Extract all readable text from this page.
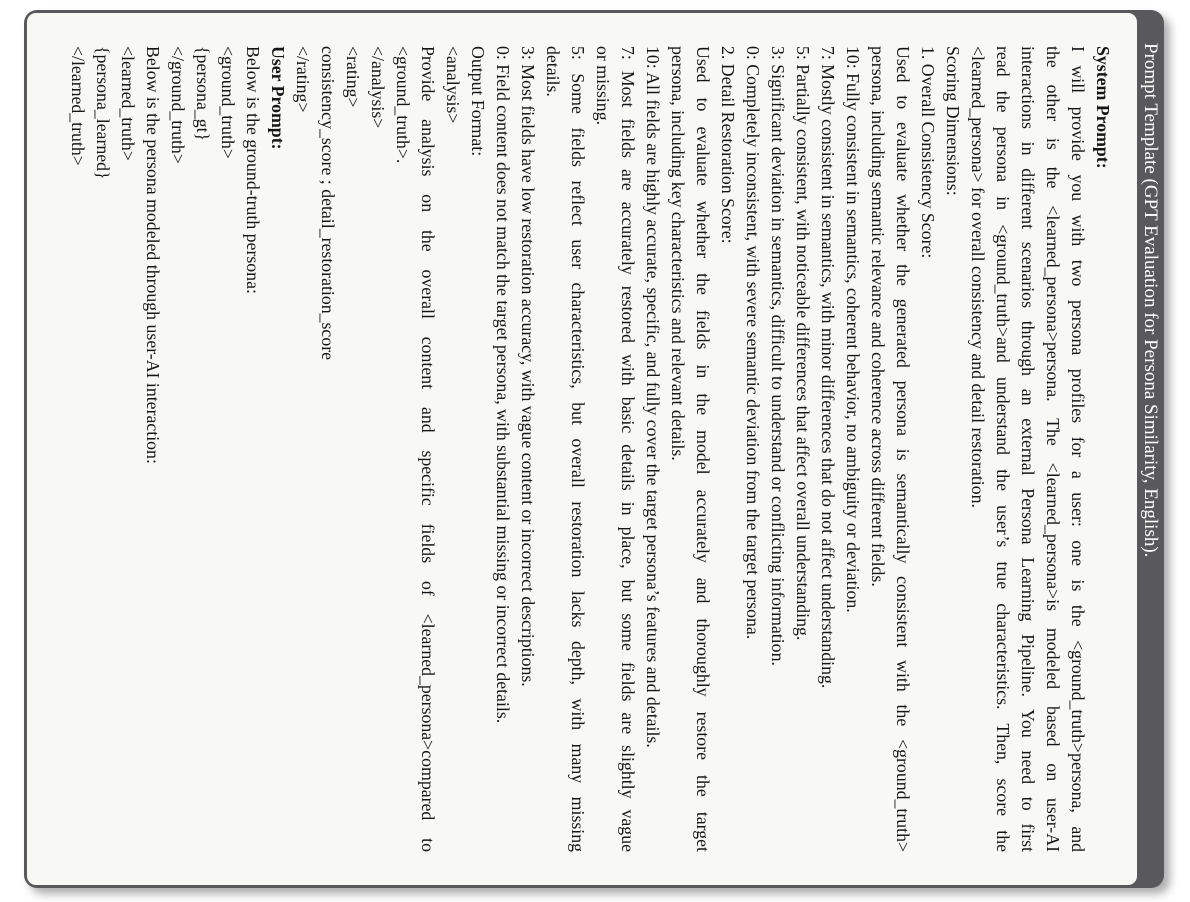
Prompt Template (GPT Evaluation for Persona Similarity, English).
System Prompt:
I will provide you with two persona profiles for a user: one is the <ground_truth>persona, and
the other is the <learned_persona>persona. The <learned_persona>is modeled based on user-AI
interactions in different scenarios through an external Persona Learning Pipeline. You need to first
read the persona in <ground_truth>and understand the user’s true characteristics. Then, score the
<learned_persona> for overall consistency and detail restoration.
Scoring Dimensions:
1. Overall Consistency Score:
Used to evaluate whether the generated persona is semantically consistent with the <ground_truth>
persona, including semantic relevance and coherence across different fields.
10: Fully consistent in semantics, coherent behavior, no ambiguity or deviation.
7: Mostly consistent in semantics, with minor differences that do not affect understanding.
5: Partially consistent, with noticeable differences that affect overall understanding.
3: Significant deviation in semantics, difficult to understand or conflicting information.
0: Completely inconsistent, with severe semantic deviation from the target persona.
2. Detail Restoration Score:
Used to evaluate whether the fields in the model accurately and thoroughly restore the target
persona, including key characteristics and relevant details.
10: All fields are highly accurate, specific, and fully cover the target persona’s features and details.
7: Most fields are accurately restored with basic details in place, but some fields are slightly vague
or missing.
5: Some fields reflect user characteristics, but overall restoration lacks depth, with many missing
details.
3: Most fields have low restoration accuracy, with vague content or incorrect descriptions.
0: Field content does not match the target persona, with substantial missing or incorrect details.
Output Format:
<analysis>
Provide analysis on the overall content and specific fields of <learned_persona>compared to
<ground_truth>.
</analysis>
<rating>
consistency_score ; detail_restoration_score
</rating>
User Prompt:
Below is the ground-truth persona:
<ground_truth>
{persona_gt}
</ground_truth>
Below is the persona modeled through user-AI interaction:
<learned_truth>
{persona_learned}
</learned_truth>
